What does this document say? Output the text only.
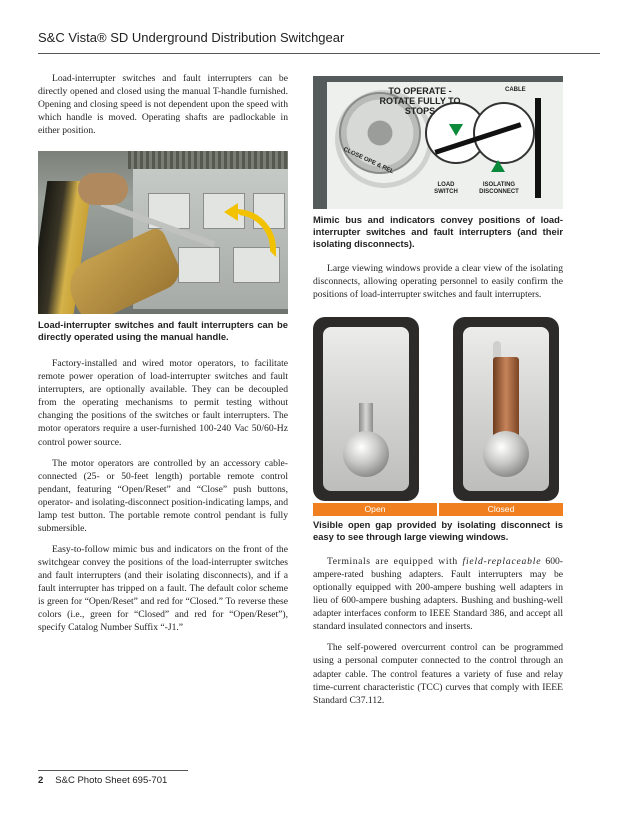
S&C Vista® SD Underground Distribution Switchgear

Load-interrupter switches and fault interrupters can be directly opened and closed using the manual T-handle furnished. Opening and closing speed is not dependent upon the speed with which handle is moved. Operating shafts are padlockable in either position.

Load-interrupter switches and fault interrupters can be directly operated using the manual handle.

Factory-installed and wired motor operators, to facilitate remote power operation of load-interrupter switches and fault interrupters, are optionally available. They can be decoupled from the operating mechanisms to permit testing without changing the positions of the switches or fault interrupters. The motor operators require a user-furnished 100-240 Vac 50/60-Hz control power source.

The motor operators are controlled by an accessory cable-connected (25- or 50-feet length) portable remote control pendant, featuring “Open/Reset” and “Close” push buttons, operator- and isolating-disconnect position-indicating lamps, and lamp test button. The portable remote control pendant is fully submersible.

Easy-to-follow mimic bus and indicators on the front of the switchgear convey the positions of the load-interrupter switches and fault interrupters (and their isolating disconnects), and if a fault interrupter has tripped on a fault. The default color scheme is green for “Open/Reset” and red for “Closed.” To reverse these colors (i.e., green for “Closed” and red for “Open/Reset”), specify Catalog Number Suffix “-J1.”

TO OPERATE - ROTATE FULLY TO STOPS
CABLE
LOAD SWITCH
ISOLATING DISCONNECT
CLOSE OPE & REL
Mimic bus and indicators convey positions of load-interrupter switches and fault interrupters (and their isolating disconnects).

Large viewing windows provide a clear view of the isolating disconnects, allowing operating personnel to easily confirm the positions of load-interrupter switches and fault interrupters.

Open	Closed
Visible open gap provided by isolating disconnect is easy to see through large viewing windows.

Terminals are equipped with field-replaceable 600-ampere-rated bushing adapters. Fault interrupters may be optionally equipped with 200-ampere bushing well adapters in lieu of 600-ampere bushing adapters. Bushing and bushing-well adapter interfaces conform to IEEE Standard 386, and accept all standard insulated connectors and inserts.

The self-powered overcurrent control can be programmed using a personal computer connected to the control through an adapter cable. The control features a variety of fuse and relay time-current characteristic (TCC) curves that comply with IEEE Standard C37.112.

2 S&C Photo Sheet 695-701
